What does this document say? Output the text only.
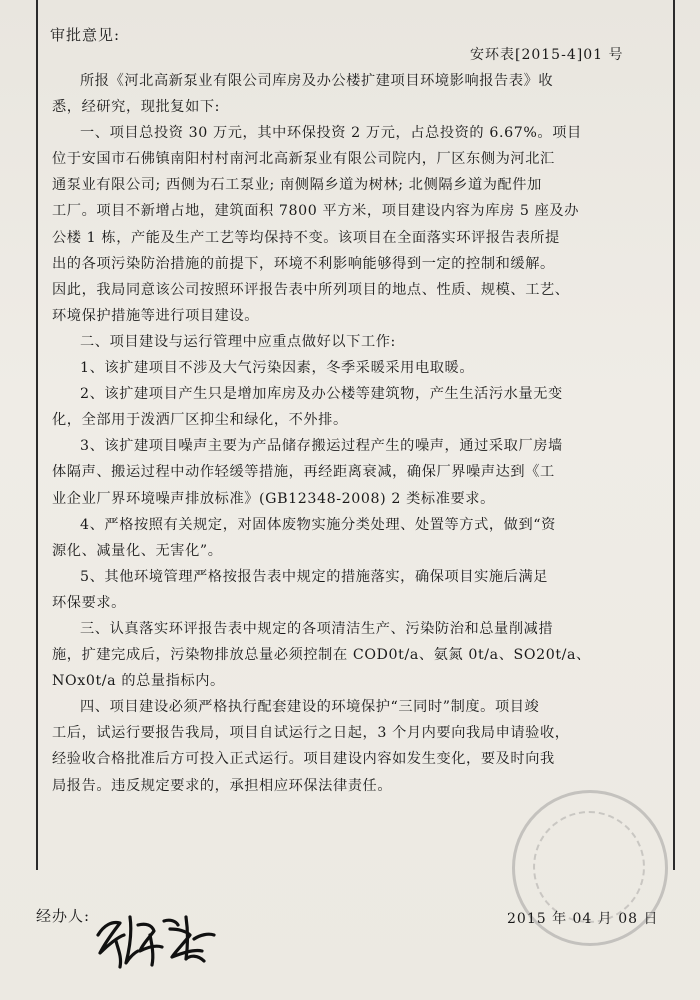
审批意见:
安环表[2015-4]01 号
所报《河北高新泵业有限公司库房及办公楼扩建项目环境影响报告表》收
悉，经研究，现批复如下:
一、项目总投资 30 万元，其中环保投资 2 万元，占总投资的 6.67%。项目
位于安国市石佛镇南阳村村南河北高新泵业有限公司院内，厂区东侧为河北汇
通泵业有限公司; 西侧为石工泵业; 南侧隔乡道为树林; 北侧隔乡道为配件加
工厂。项目不新增占地，建筑面积 7800 平方米，项目建设内容为库房 5 座及办
公楼 1 栋，产能及生产工艺等均保持不变。该项目在全面落实环评报告表所提
出的各项污染防治措施的前提下，环境不利影响能够得到一定的控制和缓解。
因此，我局同意该公司按照环评报告表中所列项目的地点、性质、规模、工艺、
环境保护措施等进行项目建设。
二、项目建设与运行管理中应重点做好以下工作:
1、该扩建项目不涉及大气污染因素，冬季采暖采用电取暖。
2、该扩建项目产生只是增加库房及办公楼等建筑物，产生生活污水量无变
化，全部用于泼洒厂区抑尘和绿化，不外排。
3、该扩建项目噪声主要为产品储存搬运过程产生的噪声，通过采取厂房墙
体隔声、搬运过程中动作轻缓等措施，再经距离衰减，确保厂界噪声达到《工
业企业厂界环境噪声排放标准》(GB12348-2008) 2 类标准要求。
4、严格按照有关规定，对固体废物实施分类处理、处置等方式，做到“资
源化、减量化、无害化”。
5、其他环境管理严格按报告表中规定的措施落实，确保项目实施后满足
环保要求。
三、认真落实环评报告表中规定的各项清洁生产、污染防治和总量削减措
施，扩建完成后，污染物排放总量必须控制在 COD0t/a、氨氮 0t/a、SO20t/a、
NOx0t/a 的总量指标内。
四、项目建设必须严格执行配套建设的环境保护“三同时”制度。项目竣
工后，试运行要报告我局，项目自试运行之日起，3 个月内要向我局申请验收，
经验收合格批准后方可投入正式运行。项目建设内容如发生变化，要及时向我
局报告。违反规定要求的，承担相应环保法律责任。
经办人:	2015 年 04 月 08 日
